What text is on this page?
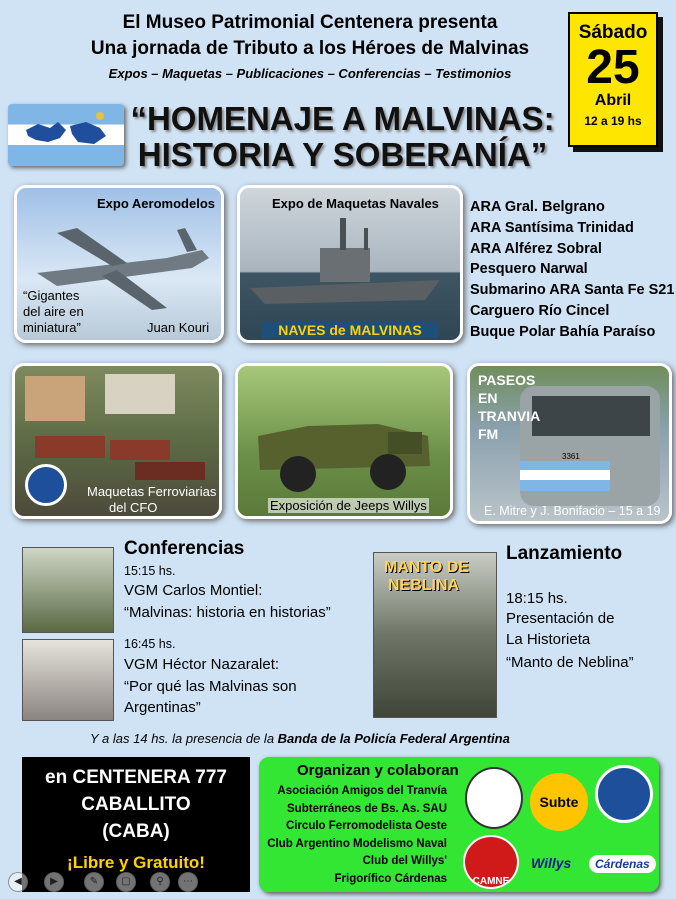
El Museo Patrimonial Centenera presenta
Una jornada de Tributo a los Héroes de Malvinas
Expos – Maquetas – Publicaciones – Conferencias – Testimonios
Sábado
25
Abril
12 a 19 hs
“HOMENAJE A MALVINAS:
HISTORIA Y SOBERANÍA”
Expo Aeromodelos
“Gigantes
del aire en
miniatura”	Juan Kouri
Expo de Maquetas Navales
NAVES de MALVINAS
ARA Gral. Belgrano
ARA Santísima Trinidad
ARA Alférez Sobral
Pesquero Narwal
Submarino ARA Santa Fe S21
Carguero Río Cincel
Buque Polar Bahía Paraíso
Maquetas Ferroviarias
del CFO	Exposición de Jeeps Willys
PASEOS
EN
TRANVIA
FM
3361
E. Mitre y J. Bonifacio – 15 a 19
Conferencias
15:15 hs.
VGM Carlos Montiel:
“Malvinas: historia en historias”
16:45 hs.
VGM Héctor Nazaralet:
“Por qué las Malvinas son
Argentinas”
MANTO DE
NEBLINA
Lanzamiento
18:15 hs.
Presentación de
La Historieta
“Manto de Neblina”
Y a las 14 hs. la presencia de la Banda de la Policía Federal Argentina
en CENTENERA 777
CABALLITO
(CABA)
¡Libre y Gratuito!
Organizan y colaboran
Asociación Amigos del Tranvía
Subterráneos de Bs. As. SAU
Circulo Ferromodelista Oeste
Club Argentino Modelismo Naval
Club del Willys'
Frigorífico Cárdenas
Subte
CAMNE
Willys	Cárdenas
◀	▶	✎	▢	⚲	⋯
